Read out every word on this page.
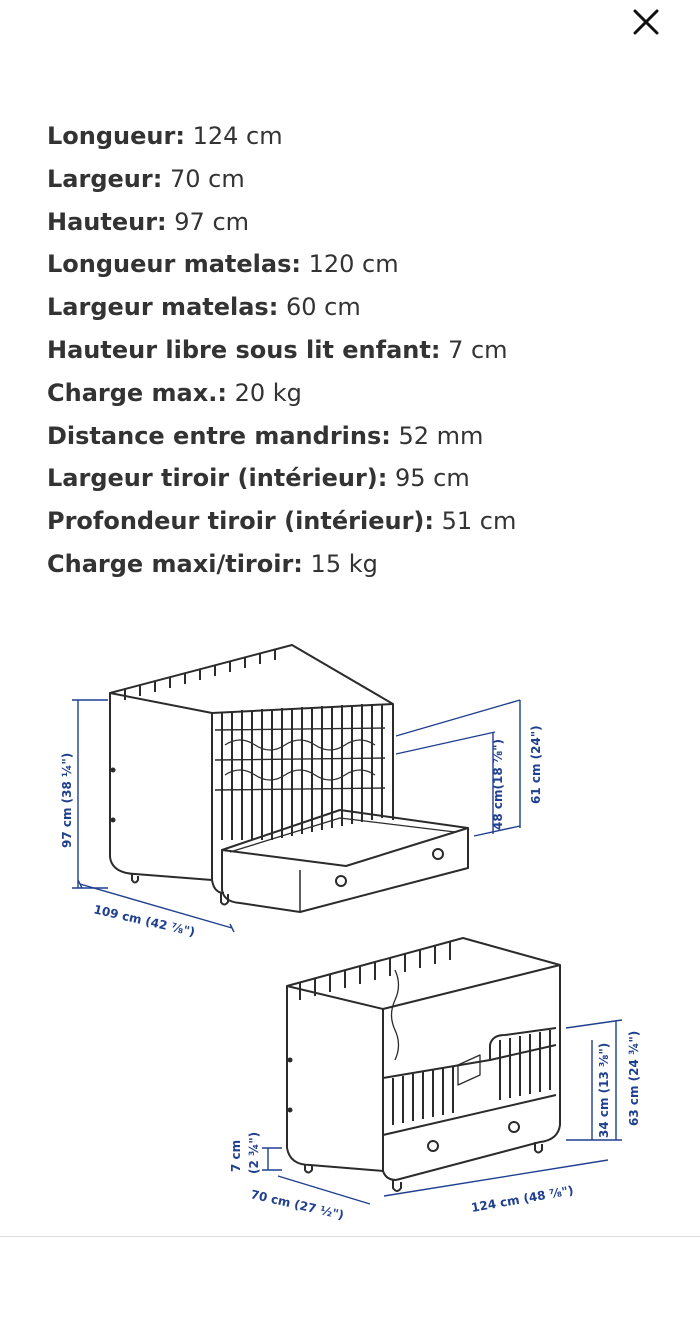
Longueur: 124 cm
Largeur: 70 cm
Hauteur: 97 cm
Longueur matelas: 120 cm
Largeur matelas: 60 cm
Hauteur libre sous lit enfant: 7 cm
Charge max.: 20 kg
Distance entre mandrins: 52 mm
Largeur tiroir (intérieur): 95 cm
Profondeur tiroir (intérieur): 51 cm
Charge maxi/tiroir: 15 kg
97 cm (38 ¼")
109 cm (42 ⅞")
48 cm(18 ⅞") 61 cm (24")
7 cm (2 ¾")
70 cm (27 ½")	124 cm (48 ⅞")
34 cm (13 ⅜") 63 cm (24 ¾")
